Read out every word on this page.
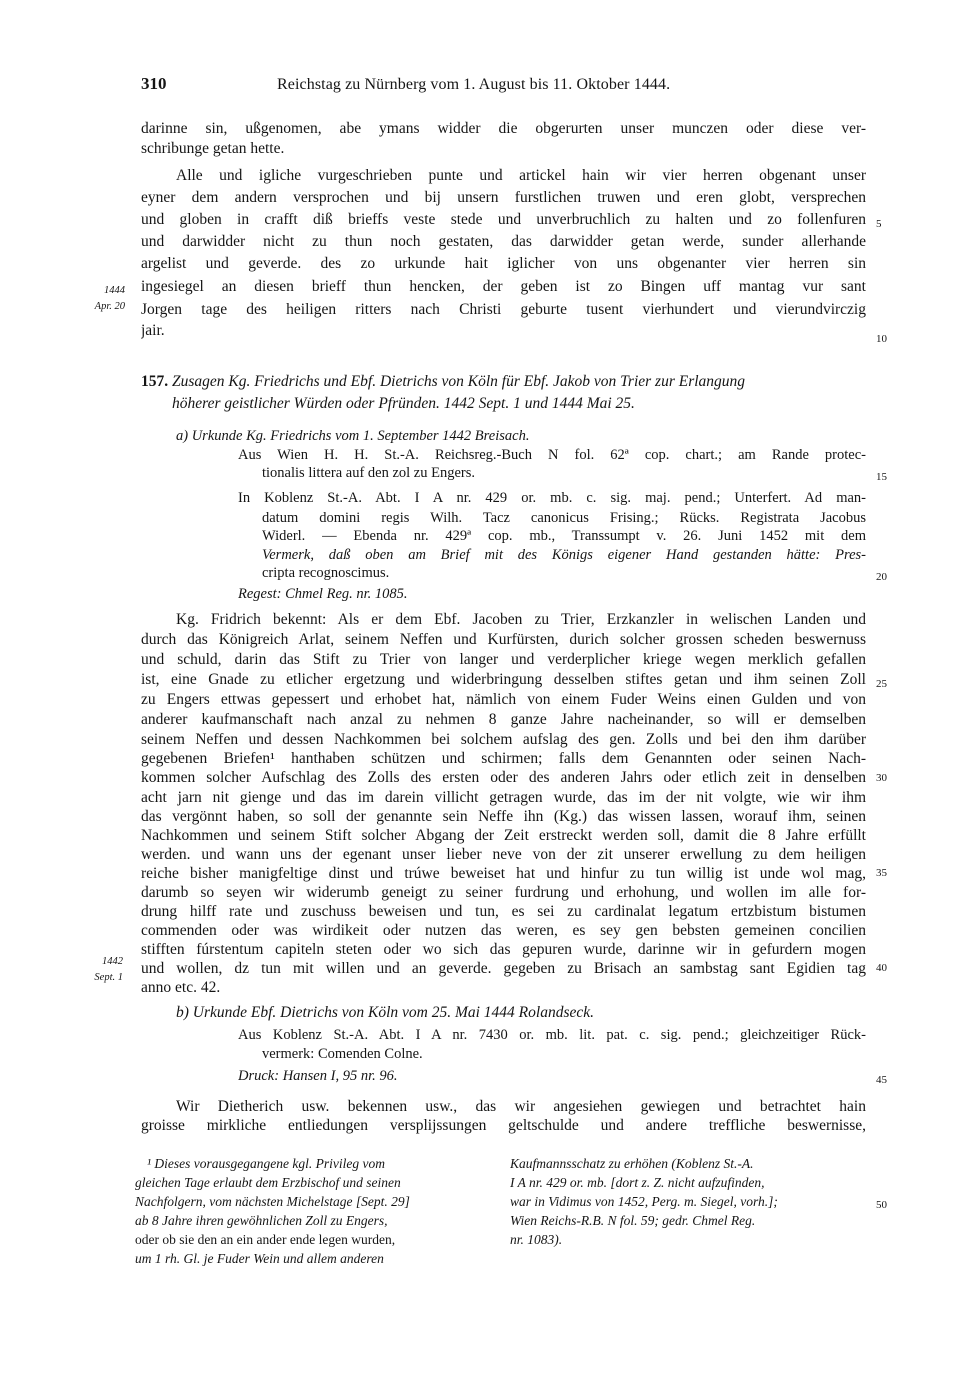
310	Reichstag zu Nürnberg vom 1. August bis 11. Oktober 1444.
darinne sin, ußgenomen, abe ymans widder die obgerurten unser munczen oder diese ver-
schribunge getan hette.
Alle und igliche vurgeschrieben punte und artickel hain wir vier herren obgenant unser
eyner dem andern versprochen und bij unsern furstlichen truwen und eren globt, versprechen
und globen in crafft diß brieffs veste stede und unverbruchlich zu halten und zo follenfuren
und darwidder nicht zu thun noch gestaten, das darwidder getan werde, sunder allerhande
argelist und geverde. des zo urkunde hait iglicher von uns obgenanter vier herren sin
ingesiegel an diesen brieff thun hencken, der geben ist zo Bingen uff mantag vur sant
Jorgen tage des heiligen ritters nach Christi geburte tusent vierhundert und vierundvirczig
jair.
1444
Apr. 20
1442
Sept. 1
5
10
15
20
25
30
35
40
45
50
157. Zusagen Kg. Friedrichs und Ebf. Dietrichs von Köln für Ebf. Jakob von Trier zur Erlangung
höherer geistlicher Würden oder Pfründen. 1442 Sept. 1 und 1444 Mai 25.
a) Urkunde Kg. Friedrichs vom 1. September 1442 Breisach.
Aus Wien H. H. St.-A. Reichsreg.-Buch N fol. 62ª cop. chart.; am Rande protec-
tionalis littera auf den zol zu Engers.
In Koblenz St.-A. Abt. I A nr. 429 or. mb. c. sig. maj. pend.; Unterfert. Ad man-
datum domini regis Wilh. Tacz canonicus Frising.; Rücks. Registrata Jacobus
Widerl. — Ebenda nr. 429ª cop. mb., Transsumpt v. 26. Juni 1452 mit dem
Vermerk, daß oben am Brief mit des Königs eigener Hand gestanden hätte: Pres-
cripta recognoscimus.
Regest: Chmel Reg. nr. 1085.
Kg. Fridrich bekennt: Als er dem Ebf. Jacoben zu Trier, Erzkanzler in welischen Landen und
durch das Königreich Arlat, seinem Neffen und Kurfürsten, durich solcher grossen scheden beswernuss
und schuld, darin das Stift zu Trier von langer und verderplicher kriege wegen merklich gefallen
ist, eine Gnade zu etlicher ergetzung und widerbringung desselben stiftes getan und ihm seinen Zoll
zu Engers ettwas gepessert und erhobet hat, nämlich von einem Fuder Weins einen Gulden und von
anderer kaufmanschaft nach anzal zu nehmen 8 ganze Jahre nacheinander, so will er demselben
seinem Neffen und dessen Nachkommen bei solchem aufslag des gen. Zolls und bei den ihm darüber
gegebenen Briefen¹ hanthaben schützen und schirmen; falls dem Genannten oder seinen Nach-
kommen solcher Aufschlag des Zolls des ersten oder des anderen Jahrs oder etlich zeit in denselben
acht jarn nit gienge und das im darein villicht getragen wurde, das im der nit volgte, wie wir ihm
das vergönnt haben, so soll der genannte sein Neffe ihn (Kg.) das wissen lassen, worauf ihm, seinen
Nachkommen und seinem Stift solcher Abgang der Zeit erstreckt werden soll, damit die 8 Jahre erfüllt
werden. und wann uns der egenant unser lieber neve von der zit unserer erwellung zu dem heiligen
reiche bisher manigfeltige dinst und trúwe beweiset hat und hinfur zu tun willig ist unde wol mag,
darumb so seyen wir widerumb geneigt zu seiner furdrung und erhohung, und wollen im alle for-
drung hilff rate und zuschuss beweisen und tun, es sei zu cardinalat legatum ertzbistum bistumen
commenden oder was wirdikeit oder nutzen das weren, es sey gen bebsten gemeinen concilien
stifften fúrstentum capiteln steten oder wo sich das gepuren wurde, darinne wir in gefurdern mogen
und wollen, dz tun mit willen und an geverde. gegeben zu Brisach an sambstag sant Egidien tag
anno etc. 42.
b) Urkunde Ebf. Dietrichs von Köln vom 25. Mai 1444 Rolandseck.
Aus Koblenz St.-A. Abt. I A nr. 7430 or. mb. lit. pat. c. sig. pend.; gleichzeitiger Rück-
vermerk: Comenden Colne.
Druck: Hansen I, 95 nr. 96.
Wir Dietherich usw. bekennen usw., das wir angesiehen gewiegen und betrachtet hain
groisse mirkliche entliedungen versplijssungen geltschulde und andere treffliche beswernisse,
¹ Dieses vorausgegangene kgl. Privileg vom
gleichen Tage erlaubt dem Erzbischof und seinen
Nachfolgern, vom nächsten Michelstage [Sept. 29]
ab 8 Jahre ihren gewöhnlichen Zoll zu Engers,
oder ob sie den an ein ander ende legen wurden,
um 1 rh. Gl. je Fuder Wein und allem anderen
Kaufmannsschatz zu erhöhen (Koblenz St.-A.
I A nr. 429 or. mb. [dort z. Z. nicht aufzufinden,
war in Vidimus von 1452, Perg. m. Siegel, vorh.];
Wien Reichs-R.B. N fol. 59; gedr. Chmel Reg.
nr. 1083).
